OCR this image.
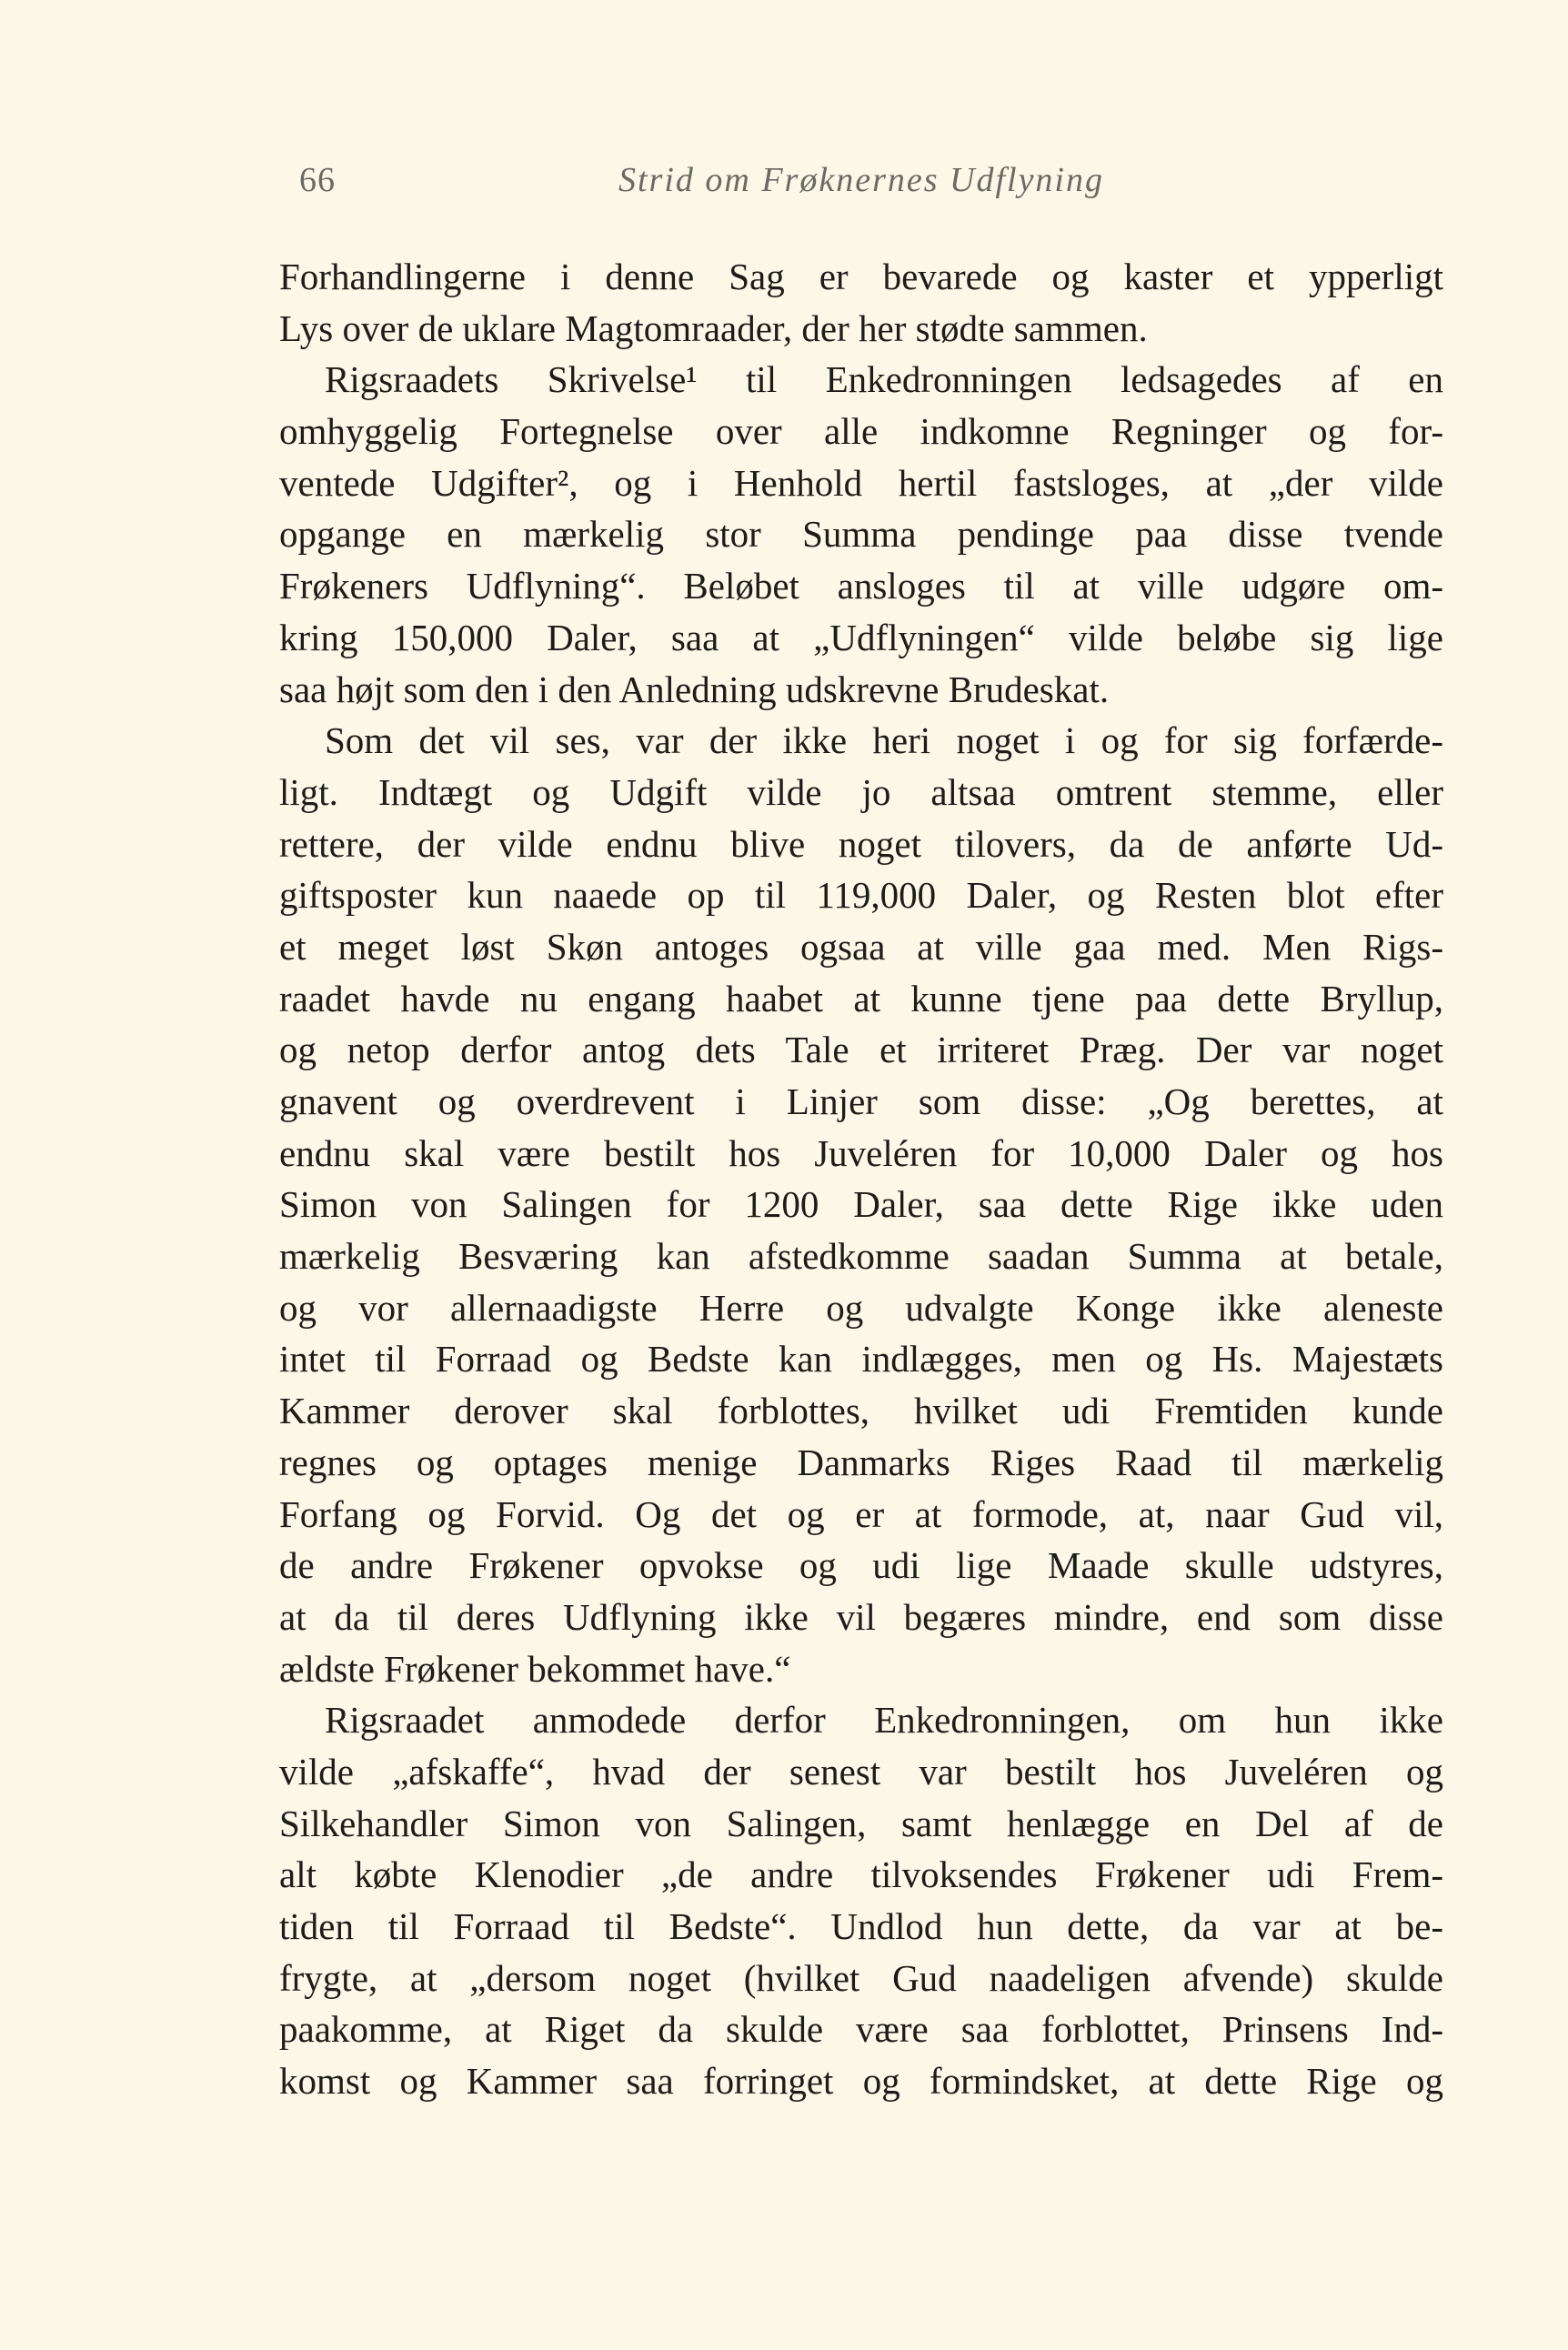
66	Strid om Frøknernes Udflyning
Forhandlingerne i denne Sag er bevarede og kaster et ypperligt
Lys over de uklare Magtomraader, der her stødte sammen.
Rigsraadets Skrivelse¹ til Enkedronningen ledsagedes af en
omhyggelig Fortegnelse over alle indkomne Regninger og for-
ventede Udgifter², og i Henhold hertil fastsloges, at „der vilde
opgange en mærkelig stor Summa pendinge paa disse tvende
Frøkeners Udflyning“. Beløbet ansloges til at ville udgøre om-
kring 150,000 Daler, saa at „Udflyningen“ vilde beløbe sig lige
saa højt som den i den Anledning udskrevne Brudeskat.
Som det vil ses, var der ikke heri noget i og for sig forfærde-
ligt. Indtægt og Udgift vilde jo altsaa omtrent stemme, eller
rettere, der vilde endnu blive noget tilovers, da de anførte Ud-
giftsposter kun naaede op til 119,000 Daler, og Resten blot efter
et meget løst Skøn antoges ogsaa at ville gaa med. Men Rigs-
raadet havde nu engang haabet at kunne tjene paa dette Bryllup,
og netop derfor antog dets Tale et irriteret Præg. Der var noget
gnavent og overdrevent i Linjer som disse: „Og berettes, at
endnu skal være bestilt hos Juveléren for 10,000 Daler og hos
Simon von Salingen for 1200 Daler, saa dette Rige ikke uden
mærkelig Besværing kan afstedkomme saadan Summa at betale,
og vor allernaadigste Herre og udvalgte Konge ikke aleneste
intet til Forraad og Bedste kan indlægges, men og Hs. Majestæts
Kammer derover skal forblottes, hvilket udi Fremtiden kunde
regnes og optages menige Danmarks Riges Raad til mærkelig
Forfang og Forvid. Og det og er at formode, at, naar Gud vil,
de andre Frøkener opvokse og udi lige Maade skulle udstyres,
at da til deres Udflyning ikke vil begæres mindre, end som disse
ældste Frøkener bekommet have.“
Rigsraadet anmodede derfor Enkedronningen, om hun ikke
vilde „afskaffe“, hvad der senest var bestilt hos Juveléren og
Silkehandler Simon von Salingen, samt henlægge en Del af de
alt købte Klenodier „de andre tilvoksendes Frøkener udi Frem-
tiden til Forraad til Bedste“. Undlod hun dette, da var at be-
frygte, at „dersom noget (hvilket Gud naadeligen afvende) skulde
paakomme, at Riget da skulde være saa forblottet, Prinsens Ind-
komst og Kammer saa forringet og formindsket, at dette Rige og
